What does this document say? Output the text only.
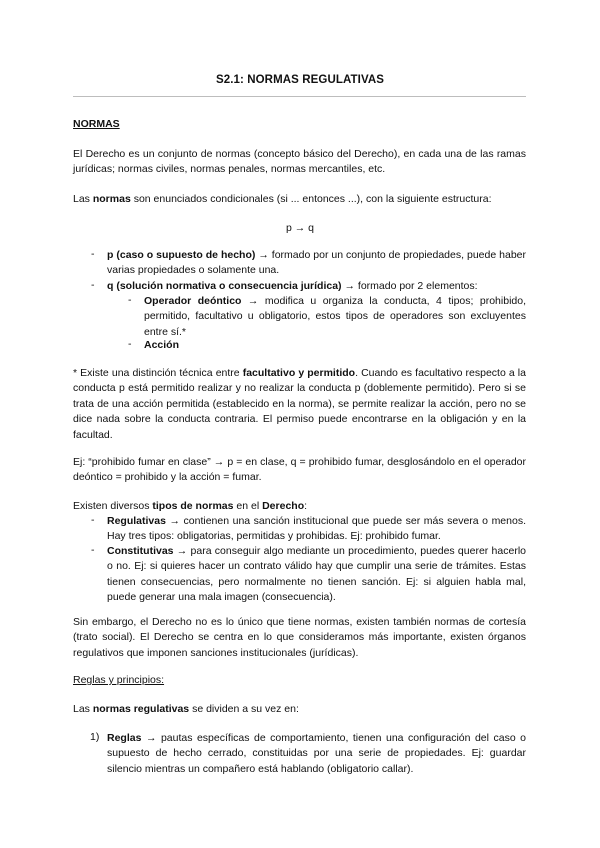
S2.1: NORMAS REGULATIVAS
NORMAS
El Derecho es un conjunto de normas (concepto básico del Derecho), en cada una de las ramas jurídicas; normas civiles, normas penales, normas mercantiles, etc.
Las normas son enunciados condicionales (si ... entonces ...), con la siguiente estructura:
p → q
-	p (caso o supuesto de hecho) → formado por un conjunto de propiedades, puede haber varias propiedades o solamente una.
-	q (solución normativa o consecuencia jurídica) → formado por 2 elementos:
-	Operador deóntico → modifica u organiza la conducta, 4 tipos; prohibido, permitido, facultativo u obligatorio, estos tipos de operadores son excluyentes entre sí.*
-	Acción
* Existe una distinción técnica entre facultativo y permitido. Cuando es facultativo respecto a la conducta p está permitido realizar y no realizar la conducta p (doblemente permitido). Pero si se trata de una acción permitida (establecido en la norma), se permite realizar la acción, pero no se dice nada sobre la conducta contraria. El permiso puede encontrarse en la obligación y en la facultad.
Ej: “prohibido fumar en clase” → p = en clase, q = prohibido fumar, desglosándolo en el operador deóntico = prohibido y la acción = fumar.
Existen diversos tipos de normas en el Derecho:
-	Regulativas → contienen una sanción institucional que puede ser más severa o menos. Hay tres tipos: obligatorias, permitidas y prohibidas. Ej: prohibido fumar.
-	Constitutivas → para conseguir algo mediante un procedimiento, puedes querer hacerlo o no. Ej: si quieres hacer un contrato válido hay que cumplir una serie de trámites. Estas tienen consecuencias, pero normalmente no tienen sanción. Ej: si alguien habla mal, puede generar una mala imagen (consecuencia).
Sin embargo, el Derecho no es lo único que tiene normas, existen también normas de cortesía (trato social). El Derecho se centra en lo que consideramos más importante, existen órganos regulativos que imponen sanciones institucionales (jurídicas).
Reglas y principios:
Las normas regulativas se dividen a su vez en:
1) Reglas → pautas específicas de comportamiento, tienen una configuración del caso o supuesto de hecho cerrado, constituidas por una serie de propiedades. Ej: guardar silencio mientras un compañero está hablando (obligatorio callar).
